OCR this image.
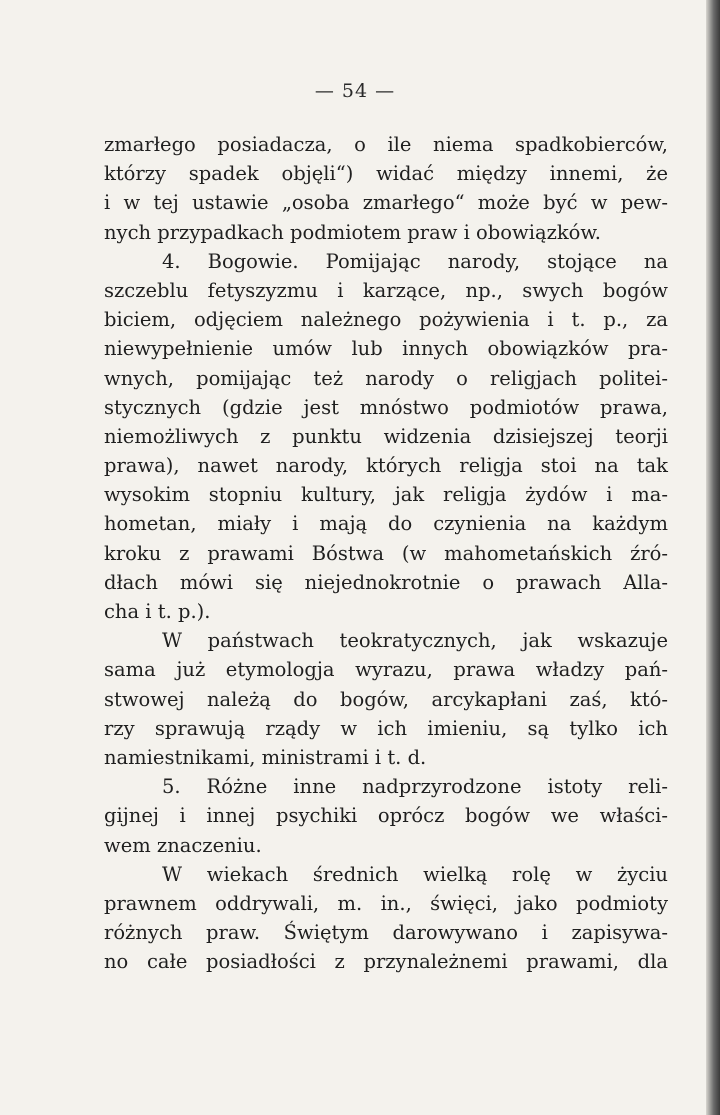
— 54 —
zmarłego posiadacza, o ile niema spadkobierców,
którzy spadek objęli“) widać między innemi, że
i w tej ustawie „osoba zmarłego“ może być w pew-
nych przypadkach podmiotem praw i obowiązków.
4. Bogowie. Pomijając narody, stojące na
szczeblu fetyszyzmu i karzące, np., swych bogów
biciem, odjęciem należnego pożywienia i t. p., za
niewypełnienie umów lub innych obowiązków pra-
wnych, pomijając też narody o religjach politei-
stycznych (gdzie jest mnóstwo podmiotów prawa,
niemożliwych z punktu widzenia dzisiejszej teorji
prawa), nawet narody, których religja stoi na tak
wysokim stopniu kultury, jak religja żydów i ma-
hometan, miały i mają do czynienia na każdym
kroku z prawami Bóstwa (w mahometańskich źró-
dłach mówi się niejednokrotnie o prawach Alla-
cha i t. p.).
W państwach teokratycznych, jak wskazuje
sama już etymologja wyrazu, prawa władzy pań-
stwowej należą do bogów, arcykapłani zaś, któ-
rzy sprawują rządy w ich imieniu, są tylko ich
namiestnikami, ministrami i t. d.
5. Różne inne nadprzyrodzone istoty reli-
gijnej i innej psychiki oprócz bogów we właści-
wem znaczeniu.
W wiekach średnich wielką rolę w życiu
prawnem oddrywali, m. in., święci, jako podmioty
różnych praw. Świętym darowywano i zapisywa-
no całe posiadłości z przynależnemi prawami, dla
